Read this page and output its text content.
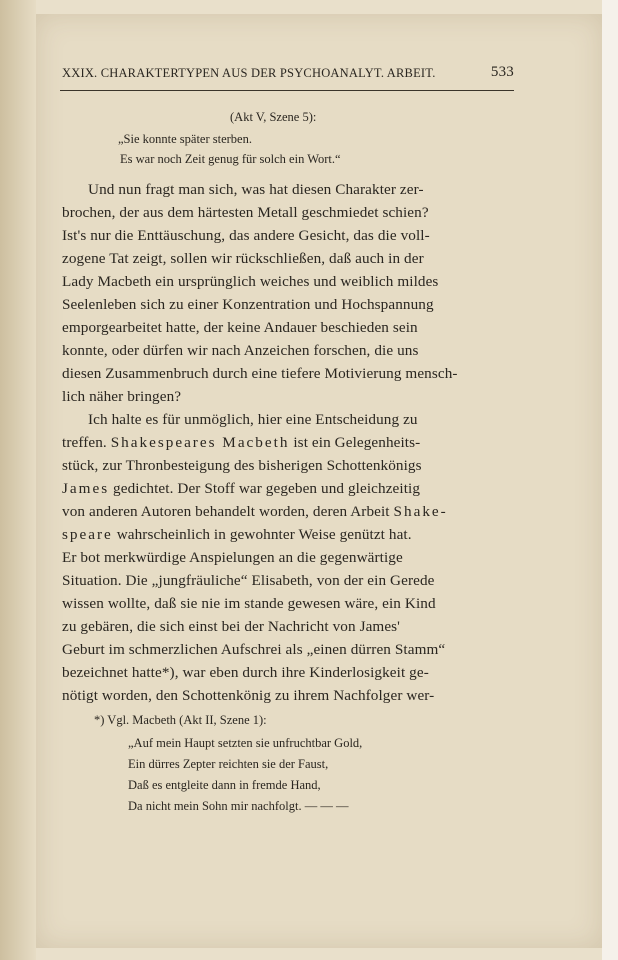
XXIX. CHARAKTERTYPEN AUS DER PSYCHOANALYT. ARBEIT.	533
(Akt V, Szene 5):
„Sie konnte später sterben.
Es war noch Zeit genug für solch ein Wort.“
Und nun fragt man sich, was hat diesen Charakter zer-
brochen, der aus dem härtesten Metall geschmiedet schien?
Ist's nur die Enttäuschung, das andere Gesicht, das die voll-
zogene Tat zeigt, sollen wir rückschließen, daß auch in der
Lady Macbeth ein ursprünglich weiches und weiblich mildes
Seelenleben sich zu einer Konzentration und Hochspannung
emporgearbeitet hatte, der keine Andauer beschieden sein
konnte, oder dürfen wir nach Anzeichen forschen, die uns
diesen Zusammenbruch durch eine tiefere Motivierung mensch-
lich näher bringen?
Ich halte es für unmöglich, hier eine Entscheidung zu
treffen. Shakespeares Macbeth ist ein Gelegenheits-
stück, zur Thronbesteigung des bisherigen Schottenkönigs
James gedichtet. Der Stoff war gegeben und gleichzeitig
von anderen Autoren behandelt worden, deren Arbeit Shake-
speare wahrscheinlich in gewohnter Weise genützt hat.
Er bot merkwürdige Anspielungen an die gegenwärtige
Situation. Die „jungfräuliche“ Elisabeth, von der ein Gerede
wissen wollte, daß sie nie im stande gewesen wäre, ein Kind
zu gebären, die sich einst bei der Nachricht von James'
Geburt im schmerzlichen Aufschrei als „einen dürren Stamm“
bezeichnet hatte*), war eben durch ihre Kinderlosigkeit ge-
nötigt worden, den Schottenkönig zu ihrem Nachfolger wer-
*) Vgl. Macbeth (Akt II, Szene 1):
„Auf mein Haupt setzten sie unfruchtbar Gold,
Ein dürres Zepter reichten sie der Faust,
Daß es entgleite dann in fremde Hand,
Da nicht mein Sohn mir nachfolgt. — — —
